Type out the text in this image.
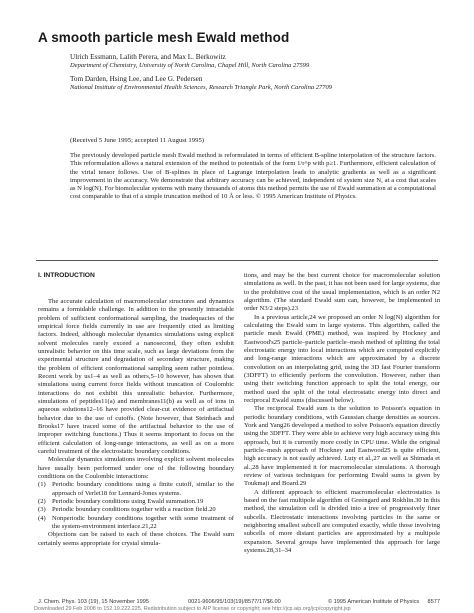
A smooth particle mesh Ewald method
Ulrich Essmann, Lalith Perera, and Max L. Berkowitz
Department of Chemistry, University of North Carolina, Chapel Hill, North Carolina 27599
Tom Darden, Hsing Lee, and Lee G. Pedersen
National Institute of Environmental Health Sciences, Research Triangle Park, North Carolina 27709
(Received 5 June 1995; accepted 11 August 1995)

The previously developed particle mesh Ewald method is reformulated in terms of efficient B-spline interpolation of the structure factors. This reformulation allows a natural extension of the method to potentials of the form 1/r^p with p≥1. Furthermore, efficient calculation of the virial tensor follows. Use of B-splines in place of Lagrange interpolation leads to analytic gradients as well as a significant improvement in the accuracy. We demonstrate that arbitrary accuracy can be achieved, independent of system size N, at a cost that scales as N log(N). For biomolecular systems with many thousands of atoms this method permits the use of Ewald summation at a computational cost comparable to that of a simple truncation method of 10 Å or less. © 1995 American Institute of Physics.

I. INTRODUCTION

The accurate calculation of macromolecular structures and dynamics remains a formidable challenge. In addition to the presently intractable problem of sufficient conformational sampling, the inadequacies of the empirical force fields currently in use are frequently cited as limiting factors. Indeed, although molecular dynamics simulations using explicit solvent molecules rarely exceed a nanosecond, they often exhibit unrealistic behavior on this time scale, such as large deviations from the experimental structure and degradation of secondary structure, making the problem of efficient conformational sampling seem rather pointless. Recent work by us1–4 as well as others,5–10 however, has shown that simulations using current force fields without truncation of Coulombic interactions do not exhibit this unrealistic behavior. Furthermore, simulations of peptides11(a) and membranes11(b) as well as of ions in aqueous solutions12–16 have provided clear-cut evidence of artifactual behavior due to the use of cutoffs. (Note however, that Steinbach and Brooks17 have traced some of the artifactual behavior to the use of improper switching functions.) Thus it seems important to focus on the efficient calculation of long-range interactions, as well as on a more careful treatment of the electrostatic boundary conditions.

Molecular dynamics simulations involving explicit solvent molecules have usually been performed under one of the following boundary conditions on the Coulombic interactions:

(1) Periodic boundary conditions using a finite cutoff, similar to the approach of Verlet18 for Lennard-Jones systems.
(2) Periodic boundary conditions using Ewald summation.19
(3) Periodic boundary conditions together with a reaction field.20
(4) Nonperiodic boundary conditions together with some treatment of the system-environment interface.21,22

Objections can be raised to each of these choices. The Ewald sum certainly seems appropriate for crystal simula-

tions, and may be the best current choice for macromolecular solution simulations as well. In the past, it has not been used for large systems, due to the prohibitive cost of the usual implementation, which is an order N2 algorithm. (The standard Ewald sum can, however, be implemented in order N3/2 steps).23

In a previous article,24 we proposed an order N log(N) algorithm for calculating the Ewald sum in large systems. This algorithm, called the particle mesh Ewald (PME) method, was inspired by Hockney and Eastwood's25 particle–particle particle–mesh method of splitting the total electrostatic energy into local interactions which are computed explicitly and long-range interactions which are approximated by a discrete convolution on an interpolating grid, using the 3D fast Fourier transform (3DFFT) to efficiently perform the convolution. However, rather than using their switching function approach to split the total energy, our method used the split of the total electrostatic energy into direct and reciprocal Ewald sums (discussed below).

The reciprocal Ewald sum is the solution to Poisson's equation in periodic boundary conditions, with Gaussian charge densities as sources. York and Yang26 developed a method to solve Poisson's equation directly using the 3DFFT. They were able to achieve very high accuracy using this approach, but it is currently more costly in CPU time. While the original particle–mesh approach of Hockney and Eastwood25 is quite efficient, high accuracy is not easily achieved. Luty et al.,27 as well as Shimada et al.,28 have implemented it for macromolecular simulations. A thorough review of various techniques for performing Ewald sums is given by Toukmaji and Board.29

A different approach to efficient macromolecular electrostatics is based on the fast multipole algorithm of Greengard and Rokhlin.30 In this method, the simulation cell is divided into a tree of progressively finer subcells. Electrostatic interactions involving particles in the same or neighboring smallest subcell are computed exactly, while those involving subcells of more distant particles are approximated by a multipole expansion. Several groups have implemented this approach for large systems.28,31–34

J. Chem. Phys. 103 (19), 15 November 1995	0021-9606/95/103(19)/8577/17/$6.00	© 1995 American Institute of Physics 8577
Downloaded 29 Feb 2008 to 152.19.222.225. Redistribution subject to AIP license or copyright; see http://jcp.aip.org/jcp/copyright.jsp
